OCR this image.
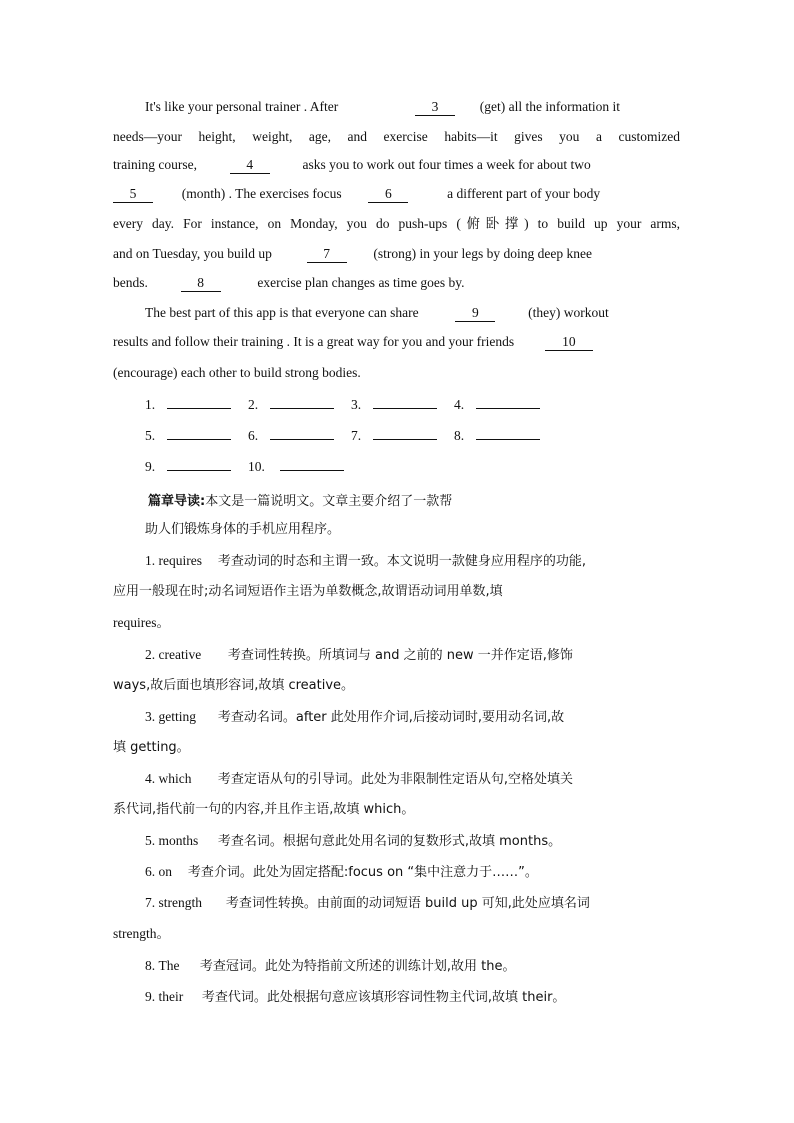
It's like your personal trainer . After	3	(get) all the information it
needs—your height, weight, age, and exercise habits—it gives you a customized
training course,	4	asks you to work out four times a week for about two
5	(month) . The exercises focus	6	a different part of your body
every day. For instance, on Monday, you do push-ups (俯卧撑) to build up your arms,
and on Tuesday, you build up	7	(strong) in your legs by doing deep knee
bends.	8	exercise plan changes as time goes by.
The best part of this app is that everyone can share	9	(they) workout
results and follow their training . It is a great way for you and your friends	10
(encourage) each other to build strong bodies.
1.	2.	3.	4.
5.	6.	7.	8.
9.	10.
篇章导读:本文是一篇说明文。文章主要介绍了一款帮
助人们锻炼身体的手机应用程序。
1. requires 考查动词的时态和主谓一致。本文说明一款健身应用程序的功能,
应用一般现在时;动名词短语作主语为单数概念,故谓语动词用单数,填
requires。
2. creative 考查词性转换。所填词与 and 之前的 new 一并作定语,修饰
ways,故后面也填形容词,故填 creative。
3. getting 考查动名词。after 此处用作介词,后接动词时,要用动名词,故
填 getting。
4. which 考查定语从句的引导词。此处为非限制性定语从句,空格处填关
系代词,指代前一句的内容,并且作主语,故填 which。
5. months 考查名词。根据句意此处用名词的复数形式,故填 months。
6. on 考查介词。此处为固定搭配:focus on “集中注意力于……”。
7. strength 考查词性转换。由前面的动词短语 build up 可知,此处应填名词
strength。
8. The 考查冠词。此处为特指前文所述的训练计划,故用 the。
9. their 考查代词。此处根据句意应该填形容词性物主代词,故填 their。
